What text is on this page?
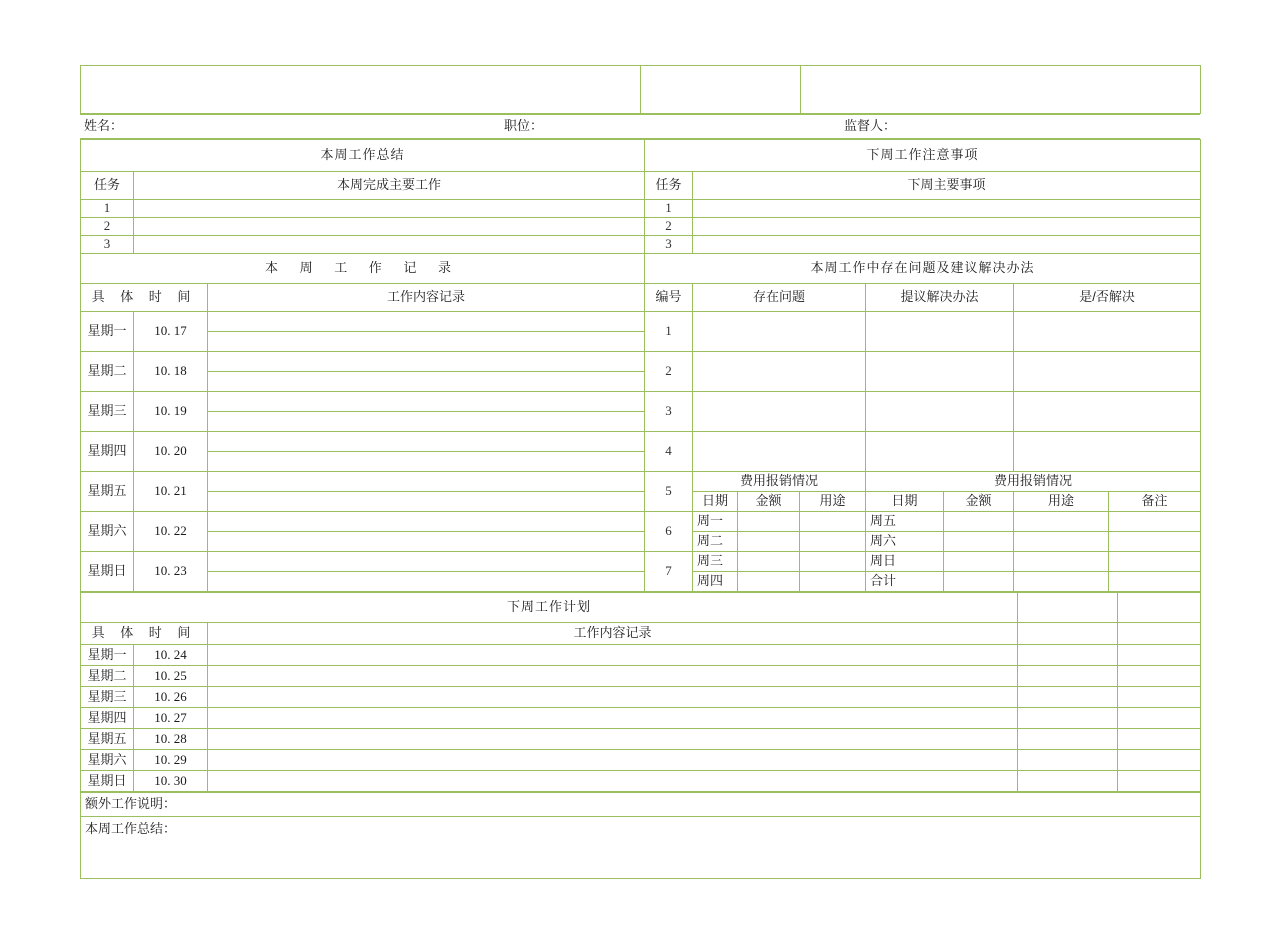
	工作周报	日期：
姓名：	职位：	监督人：
本周工作总结			下周工作注意事项							
任务	本周完成主要工作		任务	下周主要事项						
1			1							
2			2							
3			3							
本 周 工 作 记 录			本周工作中存在问题及建议解决办法							
具 体 时 间		工作内容记录	编号	存在问题			提议解决办法		是/否解决	
星期一	10. 17		1							

星期二	10. 18		2							

星期三	10. 19		3							

星期四	10. 20		4							

星期五	10. 21		5	费用报销情况			费用报销情况			
				日期	金额	用途	日期	金额	用途	备注
星期六	10. 22		6	周一			周五			
				周二			周六			
星期日	10. 23		7	周三			周日			
				周四			合计			
下周工作计划				
具 体 时 间		工作内容记录		
星期一	10. 24			
星期二	10. 25			
星期三	10. 26			
星期四	10. 27			
星期五	10. 28			
星期六	10. 29			
星期日	10. 30			
额外工作说明：
本周工作总结：
